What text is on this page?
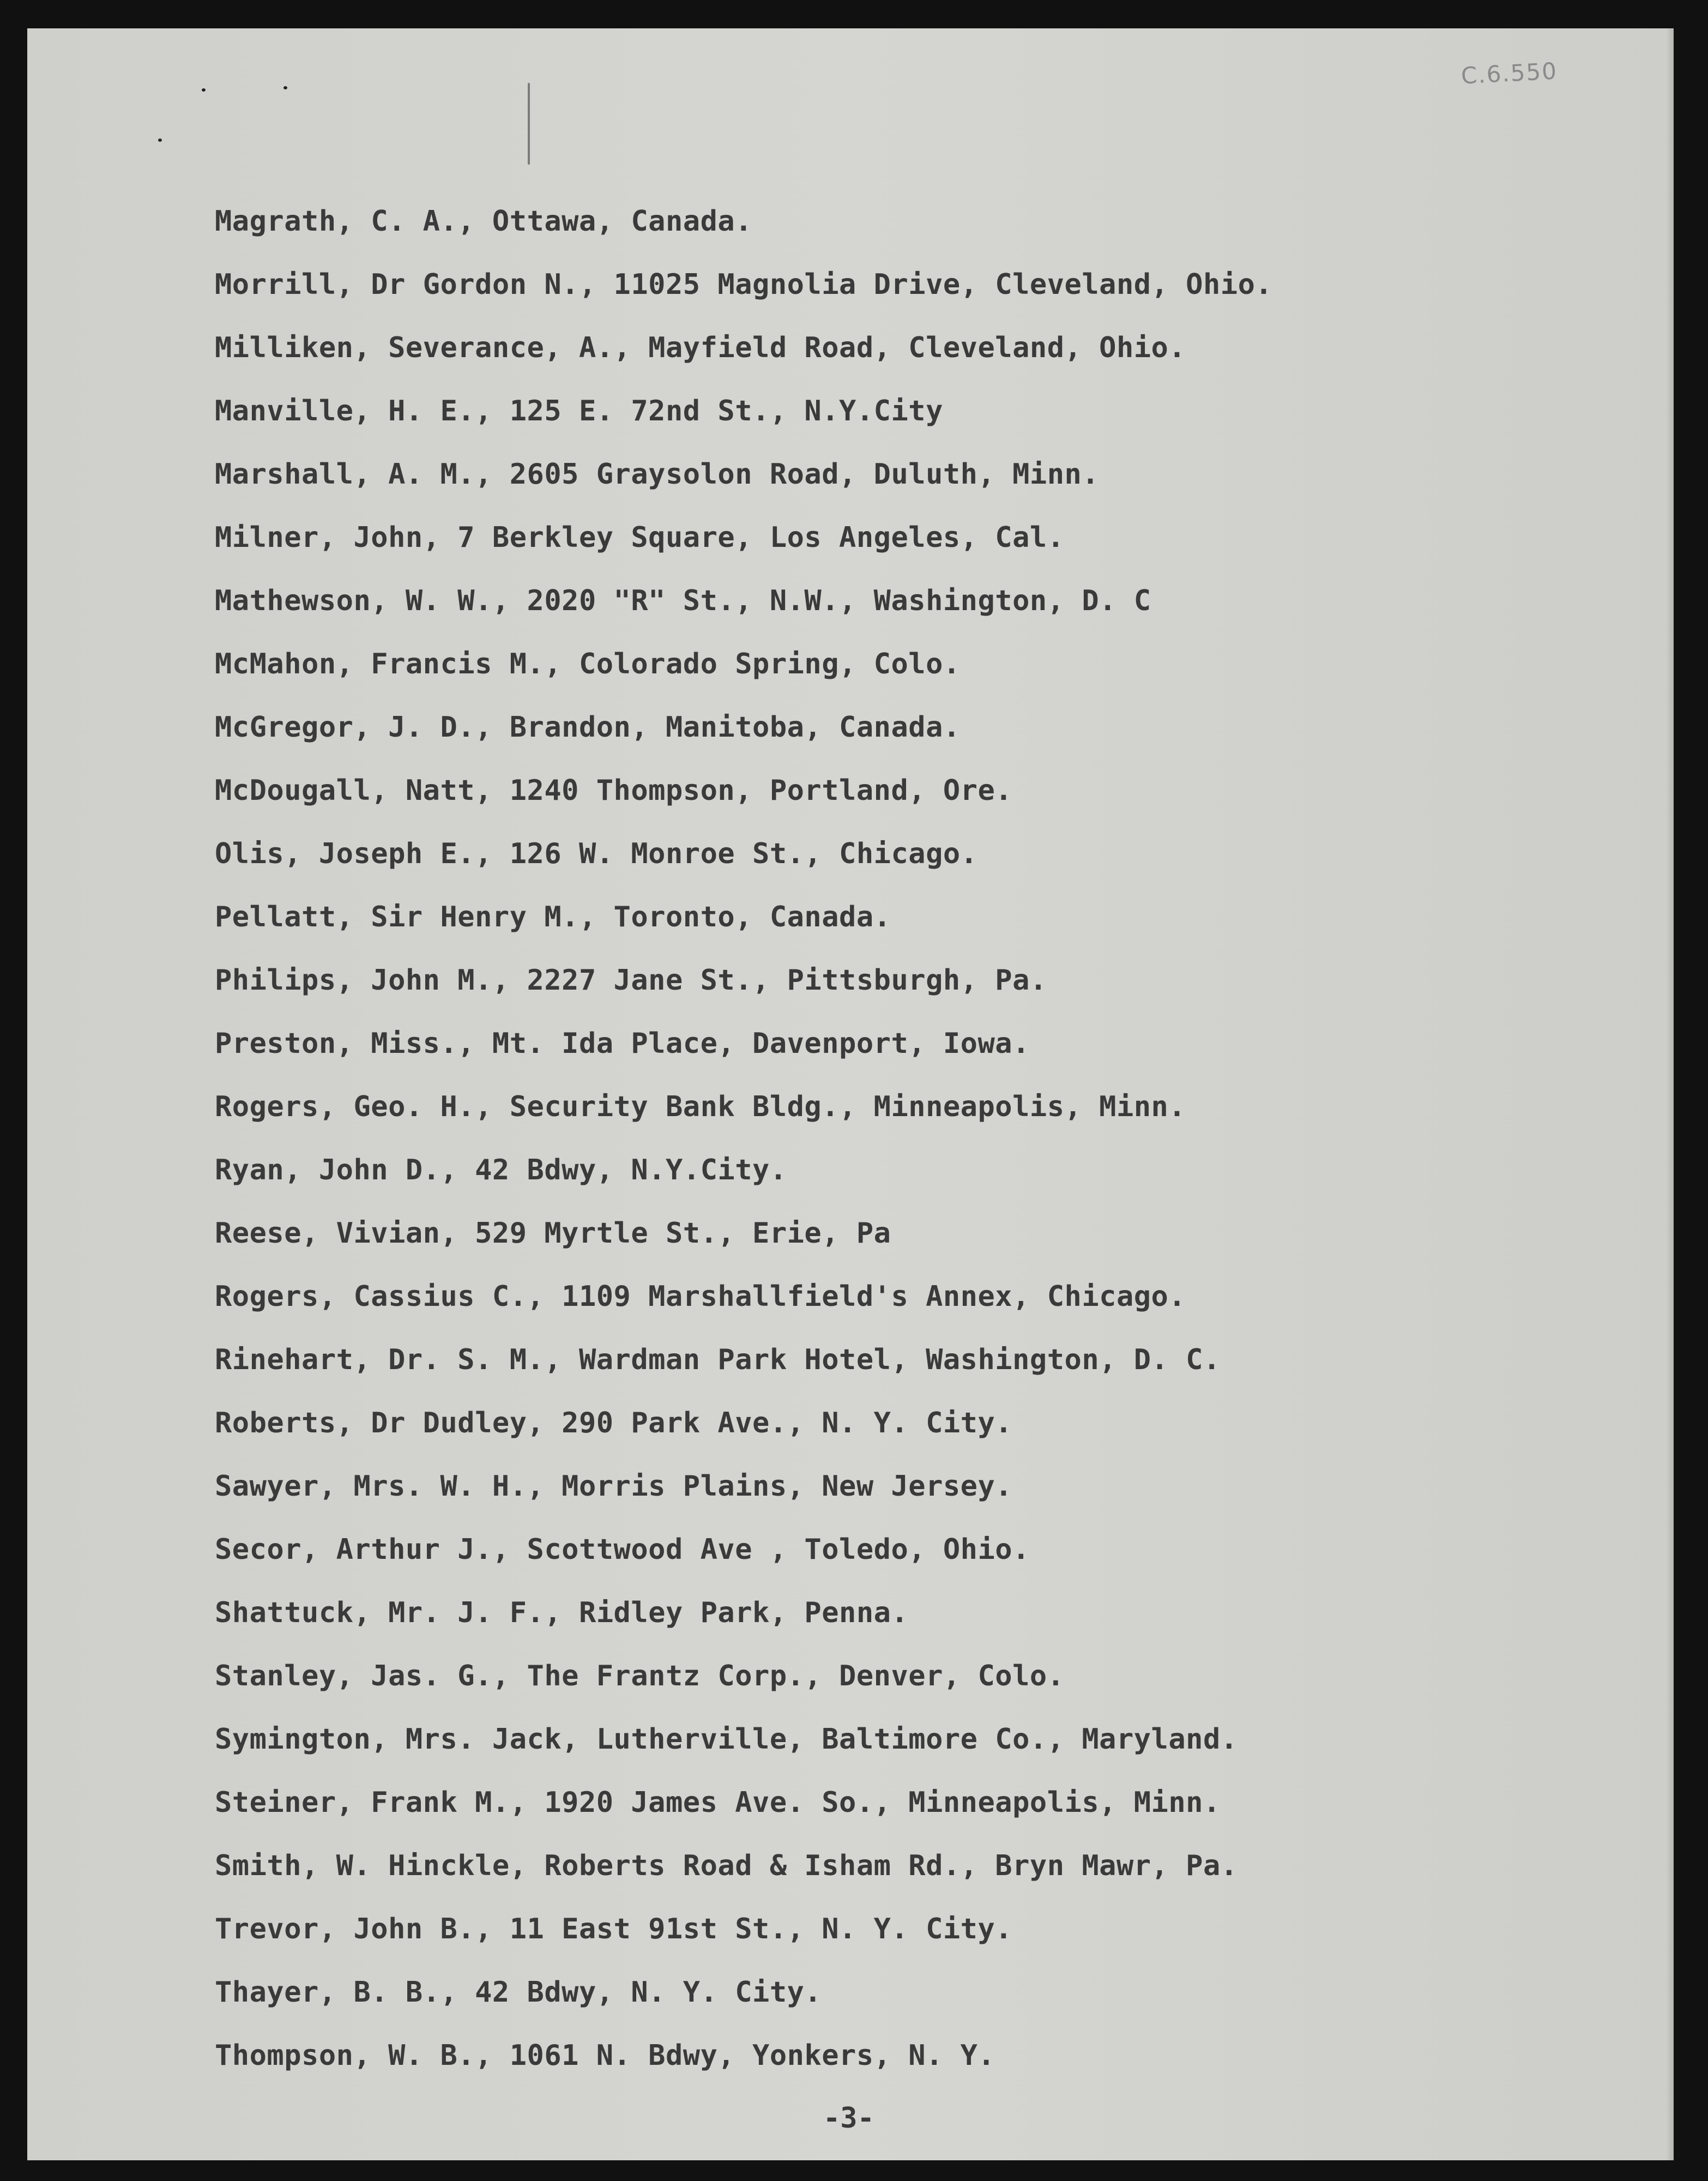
C.6.550
Magrath, C. A., Ottawa, Canada.
Morrill, Dr Gordon N., 11025 Magnolia Drive, Cleveland, Ohio.
Milliken, Severance, A., Mayfield Road, Cleveland, Ohio.
Manville, H. E., 125 E. 72nd St., N.Y.City
Marshall, A. M., 2605 Graysolon Road, Duluth, Minn.
Milner, John, 7 Berkley Square, Los Angeles, Cal.
Mathewson, W. W., 2020 "R" St., N.W., Washington, D. C
McMahon, Francis M., Colorado Spring, Colo.
McGregor, J. D., Brandon, Manitoba, Canada.
McDougall, Natt, 1240 Thompson, Portland, Ore.
Olis, Joseph E., 126 W. Monroe St., Chicago.
Pellatt, Sir Henry M., Toronto, Canada.
Philips, John M., 2227 Jane St., Pittsburgh, Pa.
Preston, Miss., Mt. Ida Place, Davenport, Iowa.
Rogers, Geo. H., Security Bank Bldg., Minneapolis, Minn.
Ryan, John D., 42 Bdwy, N.Y.City.
Reese, Vivian, 529 Myrtle St., Erie, Pa
Rogers, Cassius C., 1109 Marshallfield's Annex, Chicago.
Rinehart, Dr. S. M., Wardman Park Hotel, Washington, D. C.
Roberts, Dr Dudley, 290 Park Ave., N. Y. City.
Sawyer, Mrs. W. H., Morris Plains, New Jersey.
Secor, Arthur J., Scottwood Ave , Toledo, Ohio.
Shattuck, Mr. J. F., Ridley Park, Penna.
Stanley, Jas. G., The Frantz Corp., Denver, Colo.
Symington, Mrs. Jack, Lutherville, Baltimore Co., Maryland.
Steiner, Frank M., 1920 James Ave. So., Minneapolis, Minn.
Smith, W. Hinckle, Roberts Road & Isham Rd., Bryn Mawr, Pa.
Trevor, John B., 11 East 91st St., N. Y. City.
Thayer, B. B., 42 Bdwy, N. Y. City.
Thompson, W. B., 1061 N. Bdwy, Yonkers, N. Y.
-3-
